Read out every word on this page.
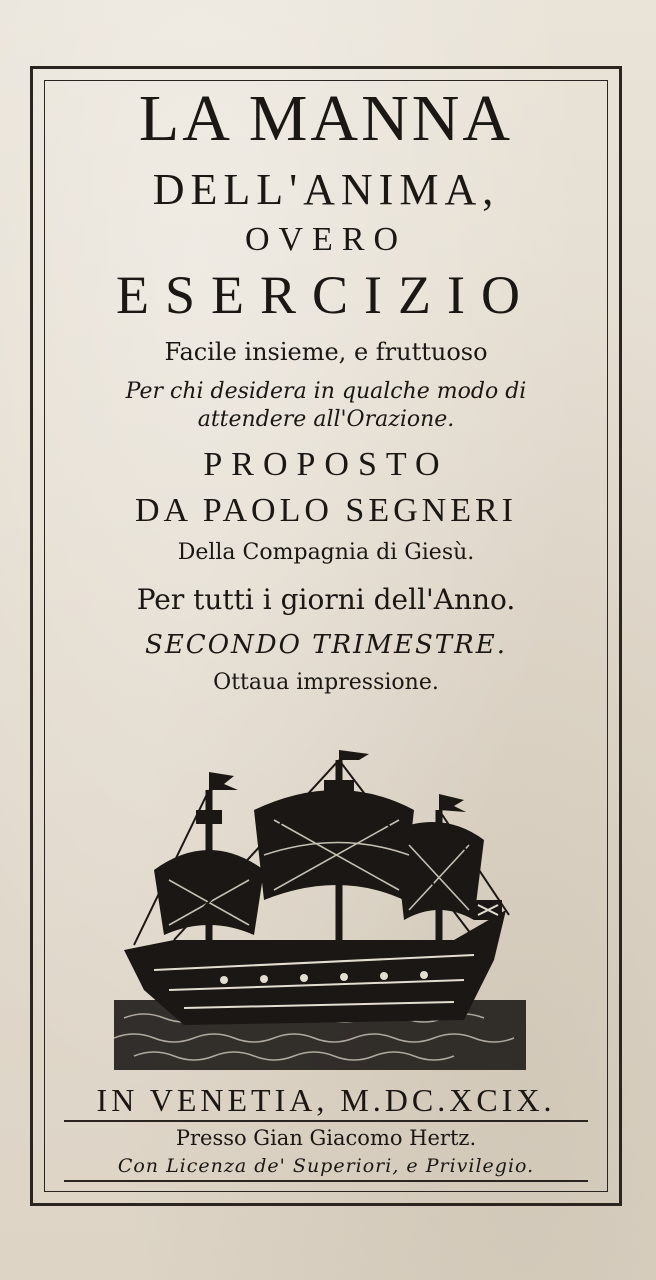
LA MANNA
DELL'ANIMA,
OVERO
ESERCIZIO
Facile insieme, e fruttuoso
Per chi desidera in qualche modo di
attendere all'Orazione.
PROPOSTO
DA PAOLO SEGNERI
Della Compagnia di Giesù.
Per tutti i giorni dell'Anno.
SECONDO TRIMESTRE.
Ottaua impressione.
IN VENETIA, M.DC.XCIX.
Presso Gian Giacomo Hertz.
Con Licenza de' Superiori, e Privilegio.
